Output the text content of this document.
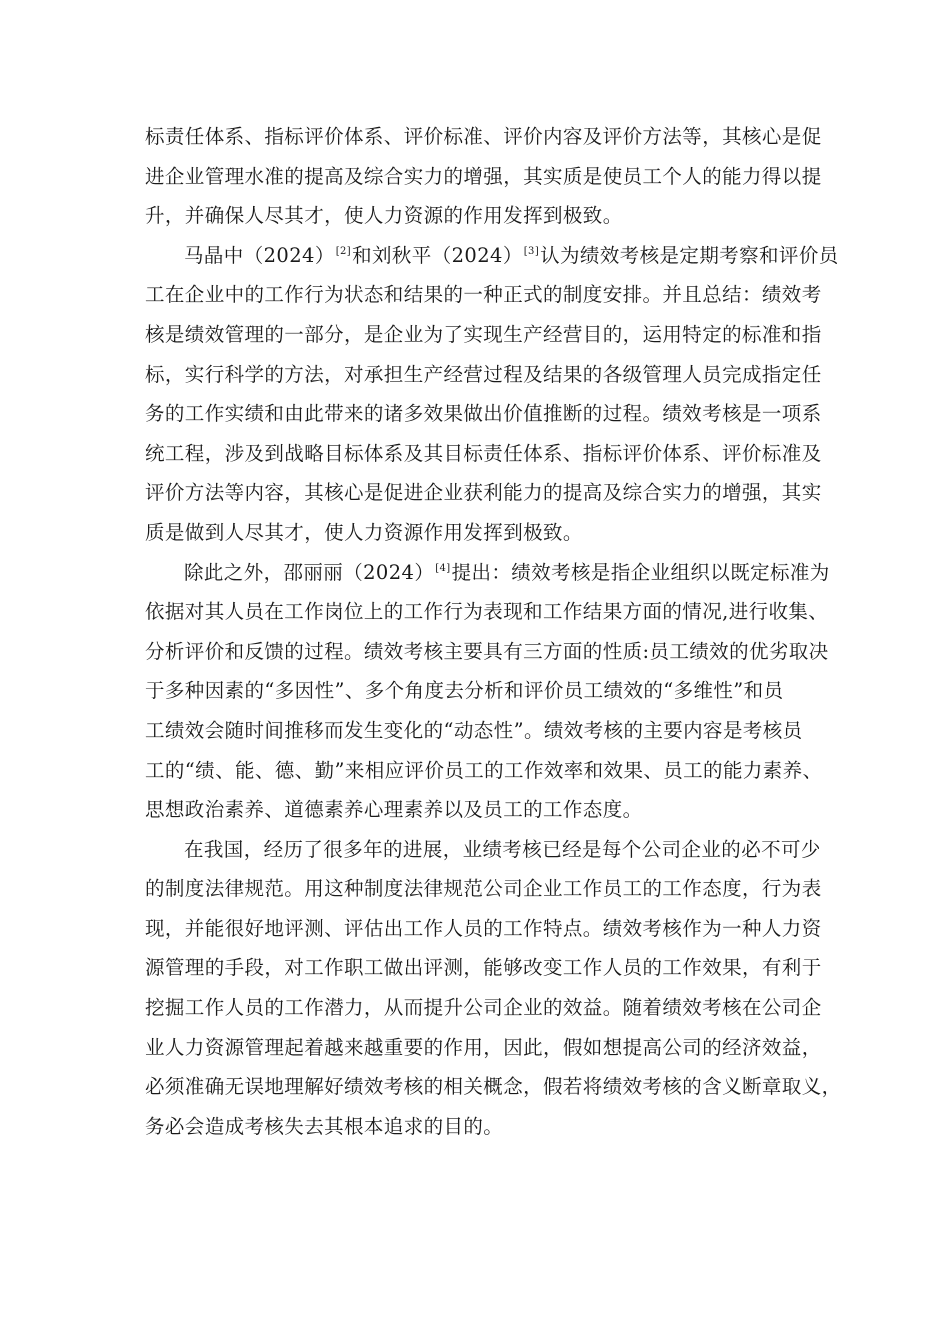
标责任体系、指标评价体系、评价标准、评价内容及评价方法等，其核心是促
进企业管理水准的提高及综合实力的增强，其实质是使员工个人的能力得以提
升，并确保人尽其才，使人力资源的作用发挥到极致。
马晶中（2024）[2]和刘秋平（2024）[3]认为绩效考核是定期考察和评价员
工在企业中的工作行为状态和结果的一种正式的制度安排。并且总结：绩效考
核是绩效管理的一部分，是企业为了实现生产经营目的，运用特定的标准和指
标，实行科学的方法，对承担生产经营过程及结果的各级管理人员完成指定任
务的工作实绩和由此带来的诸多效果做出价值推断的过程。绩效考核是一项系
统工程，涉及到战略目标体系及其目标责任体系、指标评价体系、评价标准及
评价方法等内容，其核心是促进企业获利能力的提高及综合实力的增强，其实
质是做到人尽其才，使人力资源作用发挥到极致。
除此之外，邵丽丽（2024）[4]提出：绩效考核是指企业组织以既定标准为
依据对其人员在工作岗位上的工作行为表现和工作结果方面的情况,进行收集、
分析评价和反馈的过程。绩效考核主要具有三方面的性质:员工绩效的优劣取决
于多种因素的“多因性”、多个角度去分析和评价员工绩效的“多维性”和员
工绩效会随时间推移而发生变化的“动态性”。绩效考核的主要内容是考核员
工的“绩、能、德、勤”来相应评价员工的工作效率和效果、员工的能力素养、
思想政治素养、道德素养心理素养以及员工的工作态度。
在我国，经历了很多年的进展，业绩考核已经是每个公司企业的必不可少
的制度法律规范。用这种制度法律规范公司企业工作员工的工作态度，行为表
现，并能很好地评测、评估出工作人员的工作特点。绩效考核作为一种人力资
源管理的手段，对工作职工做出评测，能够改变工作人员的工作效果，有利于
挖掘工作人员的工作潜力，从而提升公司企业的效益。随着绩效考核在公司企
业人力资源管理起着越来越重要的作用，因此，假如想提高公司的经济效益，
必须准确无误地理解好绩效考核的相关概念，假若将绩效考核的含义断章取义，
务必会造成考核失去其根本追求的目的。
